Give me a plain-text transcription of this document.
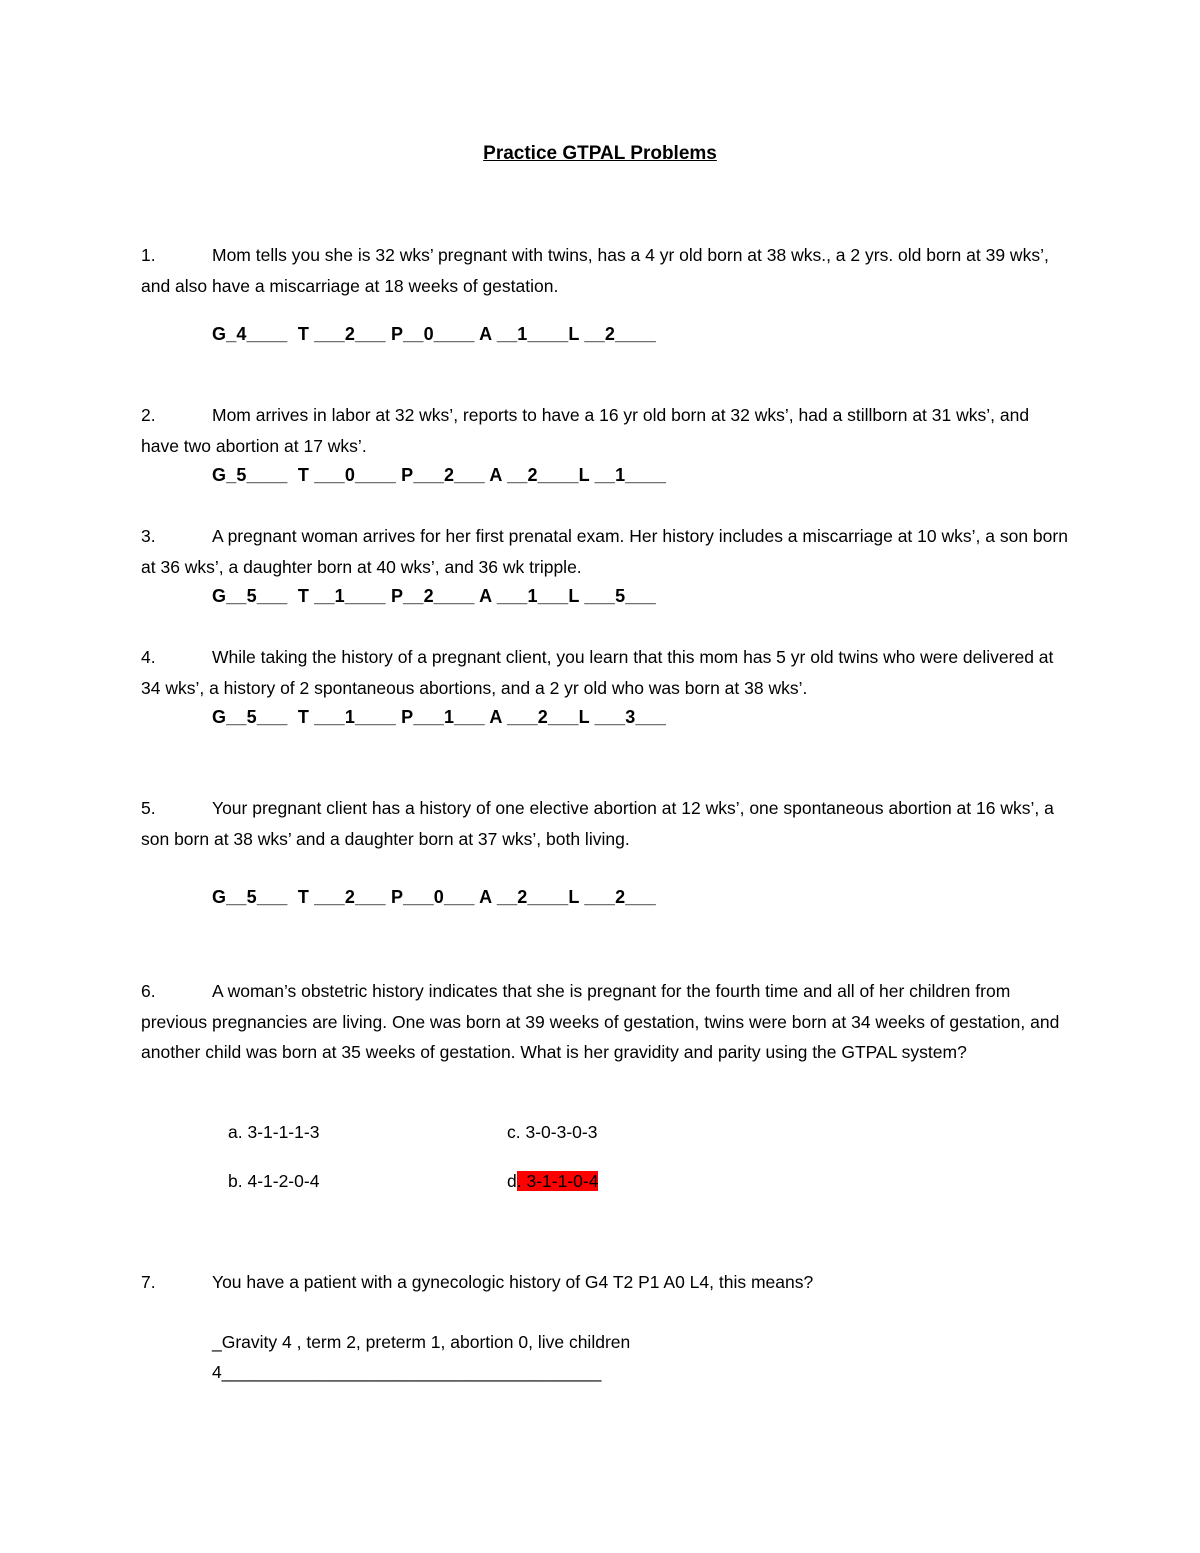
Practice GTPAL Problems
1.	Mom tells you she is 32 wks’ pregnant with twins, has a 4 yr old born at 38 wks., a 2 yrs. old born at 39 wks’, and also have a miscarriage at 18 weeks of gestation.
G_4____  T ___2___ P__0____ A __1____L __2____
2.	Mom arrives in labor at 32 wks’, reports to have a 16 yr old born at 32 wks’, had a stillborn at 31 wks’, and have two abortion at 17 wks’.
G_5____  T ___0____ P___2___ A __2____L __1____
3.	A pregnant woman arrives for her first prenatal exam. Her history includes a miscarriage at 10 wks’, a son born at 36 wks’, a daughter born at 40 wks’, and 36 wk tripple.
G__5___  T __1____ P__2____ A ___1___L ___5___
4.	While taking the history of a pregnant client, you learn that this mom has 5 yr old twins who were delivered at 34 wks’, a history of 2 spontaneous abortions, and a 2 yr old who was born at 38 wks’.
G__5___  T ___1____ P___1___ A ___2___L ___3___
5.	Your pregnant client has a history of one elective abortion at 12 wks’, one spontaneous abortion at 16 wks’, a son born at 38 wks’ and a daughter born at 37 wks’, both living.
G__5___  T ___2___ P___0___ A __2____L ___2___
6.	A woman’s obstetric history indicates that she is pregnant for the fourth time and all of her children from previous pregnancies are living. One was born at 39 weeks of gestation, twins were born at 34 weeks of gestation, and another child was born at 35 weeks of gestation. What is her gravidity and parity using the GTPAL system?
a. 3-1-1-1-3	c. 3-0-3-0-3
b. 4-1-2-0-4	d. 3-1-1-0-4
7.	You have a patient with a gynecologic history of G4 T2 P1 A0 L4, this means?
_Gravity 4 , term 2, preterm 1, abortion 0, live children
4_______________________________________
